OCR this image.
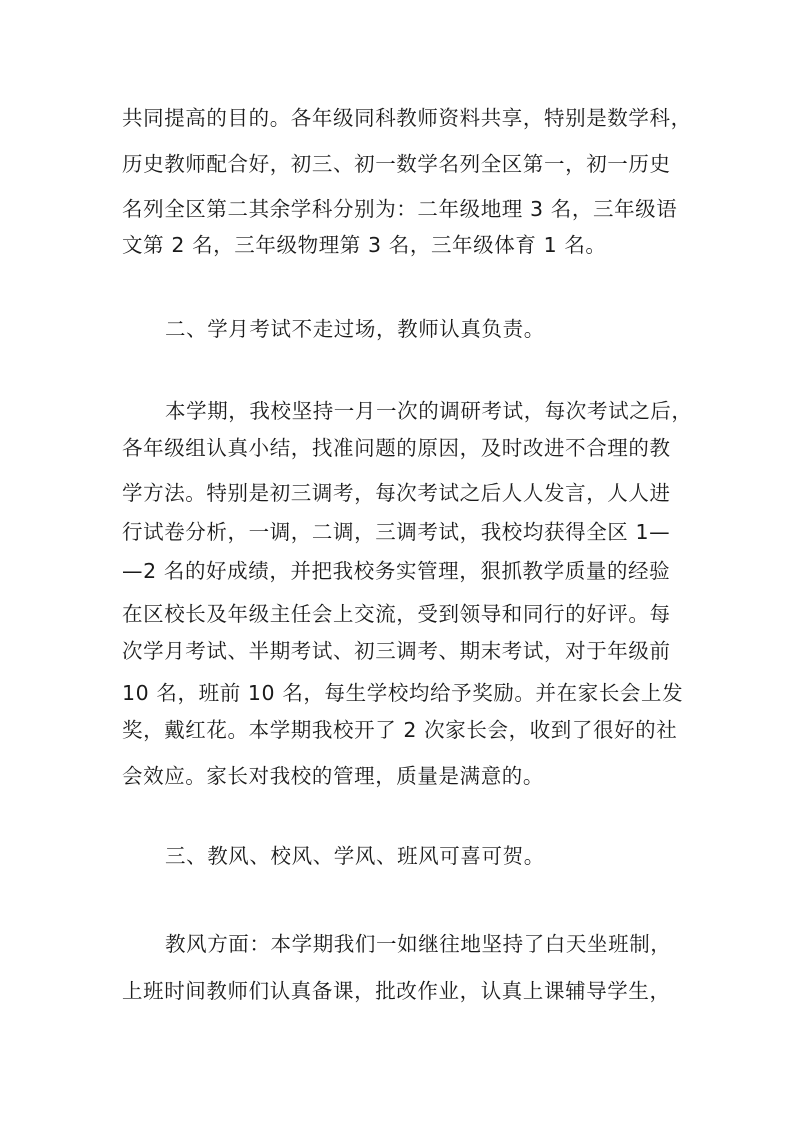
共同提高的目的。各年级同科教师资料共享，特别是数学科，
历史教师配合好，初三、初一数学名列全区第一，初一历史
名列全区第二其余学科分别为：二年级地理 3 名，三年级语
文第 2 名，三年级物理第 3 名，三年级体育 1 名。
二、学月考试不走过场，教师认真负责。
本学期，我校坚持一月一次的调研考试，每次考试之后，
各年级组认真小结，找准问题的原因，及时改进不合理的教
学方法。特别是初三调考，每次考试之后人人发言，人人进
行试卷分析，一调，二调，三调考试，我校均获得全区 1—
—2 名的好成绩，并把我校务实管理，狠抓教学质量的经验
在区校长及年级主任会上交流，受到领导和同行的好评。每
次学月考试、半期考试、初三调考、期末考试，对于年级前
10 名，班前 10 名，每生学校均给予奖励。并在家长会上发
奖，戴红花。本学期我校开了 2 次家长会，收到了很好的社
会效应。家长对我校的管理，质量是满意的。
三、教风、校风、学风、班风可喜可贺。
教风方面：本学期我们一如继往地坚持了白天坐班制，
上班时间教师们认真备课，批改作业，认真上课辅导学生，
